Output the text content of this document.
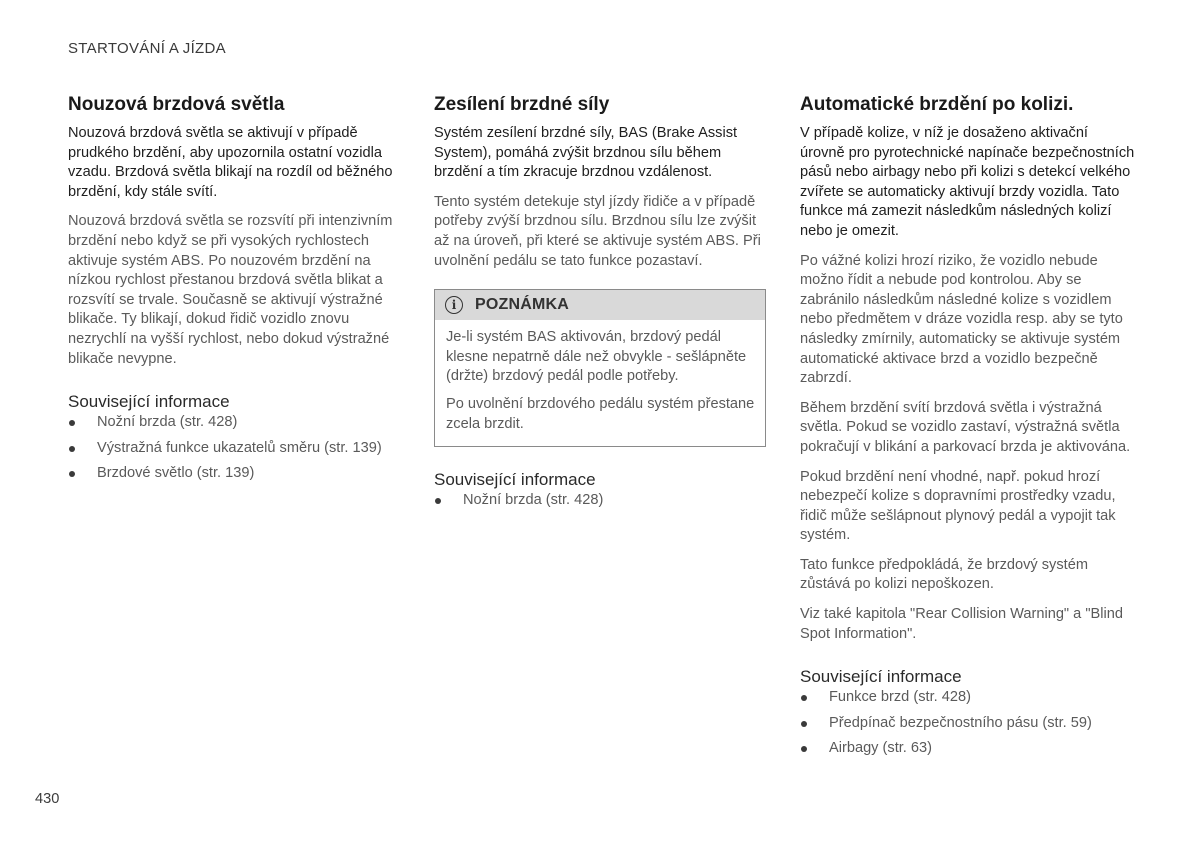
STARTOVÁNÍ A JÍZDA
Nouzová brzdová světla

Nouzová brzdová světla se aktivují v případě prudkého brzdění, aby upozornila ostatní vozidla vzadu. Brzdová světla blikají na rozdíl od běžného brzdění, kdy stále svítí.

Nouzová brzdová světla se rozsvítí při intenzivním brzdění nebo když se při vysokých rychlostech aktivuje systém ABS. Po nouzovém brzdění na nízkou rychlost přestanou brzdová světla blikat a rozsvítí se trvale. Současně se aktivují výstražné blikače. Ty blikají, dokud řidič vozidlo znovu nezrychlí na vyšší rychlost, nebo dokud výstražné blikače nevypne.

Související informace
Nožní brzda (str. 428)
Výstražná funkce ukazatelů směru (str. 139)
Brzdové světlo (str. 139)
Zesílení brzdné síly

Systém zesílení brzdné síly, BAS (Brake Assist System), pomáhá zvýšit brzdnou sílu během brzdění a tím zkracuje brzdnou vzdálenost.

Tento systém detekuje styl jízdy řidiče a v případě potřeby zvýší brzdnou sílu. Brzdnou sílu lze zvýšit až na úroveň, při které se aktivuje systém ABS. Při uvolnění pedálu se tato funkce pozastaví.

i	POZNÁMKA

Je-li systém BAS aktivován, brzdový pedál klesne nepatrně dále než obvykle - sešlápněte (držte) brzdový pedál podle potřeby.

Po uvolnění brzdového pedálu systém přestane zcela brzdit.

Související informace
Nožní brzda (str. 428)
Automatické brzdění po kolizi.

V případě kolize, v níž je dosaženo aktivační úrovně pro pyrotechnické napínače bezpečnostních pásů nebo airbagy nebo při kolizi s detekcí velkého zvířete se automaticky aktivují brzdy vozidla. Tato funkce má zamezit následkům následných kolizí nebo je omezit.

Po vážné kolizi hrozí riziko, že vozidlo nebude možno řídit a nebude pod kontrolou. Aby se zabránilo následkům následné kolize s vozidlem nebo předmětem v dráze vozidla resp. aby se tyto následky zmírnily, automaticky se aktivuje systém automatické aktivace brzd a vozidlo bezpečně zabrzdí.

Během brzdění svítí brzdová světla i výstražná světla. Pokud se vozidlo zastaví, výstražná světla pokračují v blikání a parkovací brzda je aktivována.

Pokud brzdění není vhodné, např. pokud hrozí nebezpečí kolize s dopravními prostředky vzadu, řidič může sešlápnout plynový pedál a vypojit tak systém.

Tato funkce předpokládá, že brzdový systém zůstává po kolizi nepoškozen.

Viz také kapitola "Rear Collision Warning" a "Blind Spot Information".

Související informace
Funkce brzd (str. 428)
Předpínač bezpečnostního pásu (str. 59)
Airbagy (str. 63)
430
